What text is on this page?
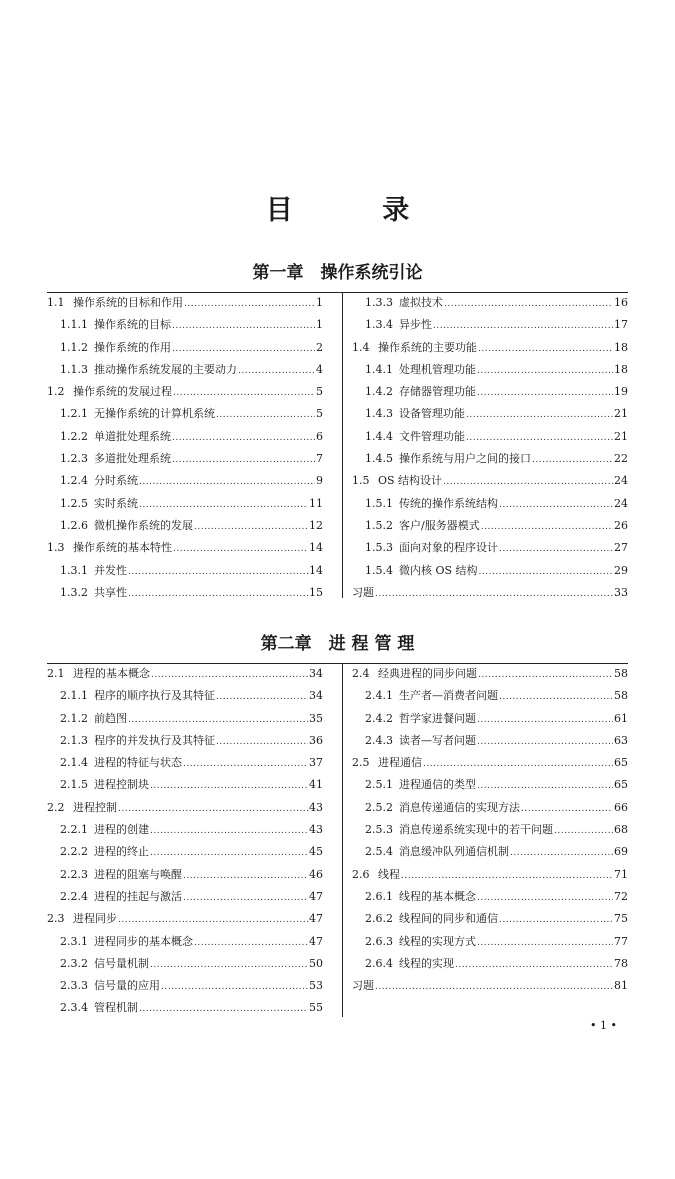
目 录
第一章　操作系统引论
1.1 操作系统的目标和作用 .....	1
1.1.1 操作系统的目标 .....	1
1.1.2 操作系统的作用 .....	2
1.1.3 推动操作系统发展的主要动力 .....	4
1.2 操作系统的发展过程 .....	5
1.2.1 无操作系统的计算机系统 .....	5
1.2.2 单道批处理系统 .....	6
1.2.3 多道批处理系统 .....	7
1.2.4 分时系统 .....	9
1.2.5 实时系统 .....	11
1.2.6 微机操作系统的发展 .....	12
1.3 操作系统的基本特性 .....	14
1.3.1 并发性 .....	14
1.3.2 共享性 .....	15
1.3.3 虚拟技术 .....	16
1.3.4 异步性 .....	17
1.4 操作系统的主要功能 .....	18
1.4.1 处理机管理功能 .....	18
1.4.2 存储器管理功能 .....	19
1.4.3 设备管理功能 .....	21
1.4.4 文件管理功能 .....	21
1.4.5 操作系统与用户之间的接口 .....	22
1.5 OS 结构设计 .....	24
1.5.1 传统的操作系统结构 .....	24
1.5.2 客户/服务器模式 .....	26
1.5.3 面向对象的程序设计 .....	27
1.5.4 微内核 OS 结构 .....	29
习题 .....	33
第二章　进 程 管 理
2.1 进程的基本概念 .....	34
2.1.1 程序的顺序执行及其特征 .....	34
2.1.2 前趋图 .....	35
2.1.3 程序的并发执行及其特征 .....	36
2.1.4 进程的特征与状态 .....	37
2.1.5 进程控制块 .....	41
2.2 进程控制 .....	43
2.2.1 进程的创建 .....	43
2.2.2 进程的终止 .....	45
2.2.3 进程的阻塞与唤醒 .....	46
2.2.4 进程的挂起与激活 .....	47
2.3 进程同步 .....	47
2.3.1 进程同步的基本概念 .....	47
2.3.2 信号量机制 .....	50
2.3.3 信号量的应用 .....	53
2.3.4 管程机制 .....	55
2.4 经典进程的同步问题 .....	58
2.4.1 生产者—消费者问题 .....	58
2.4.2 哲学家进餐问题 .....	61
2.4.3 读者—写者问题 .....	63
2.5 进程通信 .....	65
2.5.1 进程通信的类型 .....	65
2.5.2 消息传递通信的实现方法 .....	66
2.5.3 消息传递系统实现中的若干问题 .....	68
2.5.4 消息缓冲队列通信机制 .....	69
2.6 线程 .....	71
2.6.1 线程的基本概念 .....	72
2.6.2 线程间的同步和通信 .....	75
2.6.3 线程的实现方式 .....	77
2.6.4 线程的实现 .....	78
习题 .....	81
• 1 •
